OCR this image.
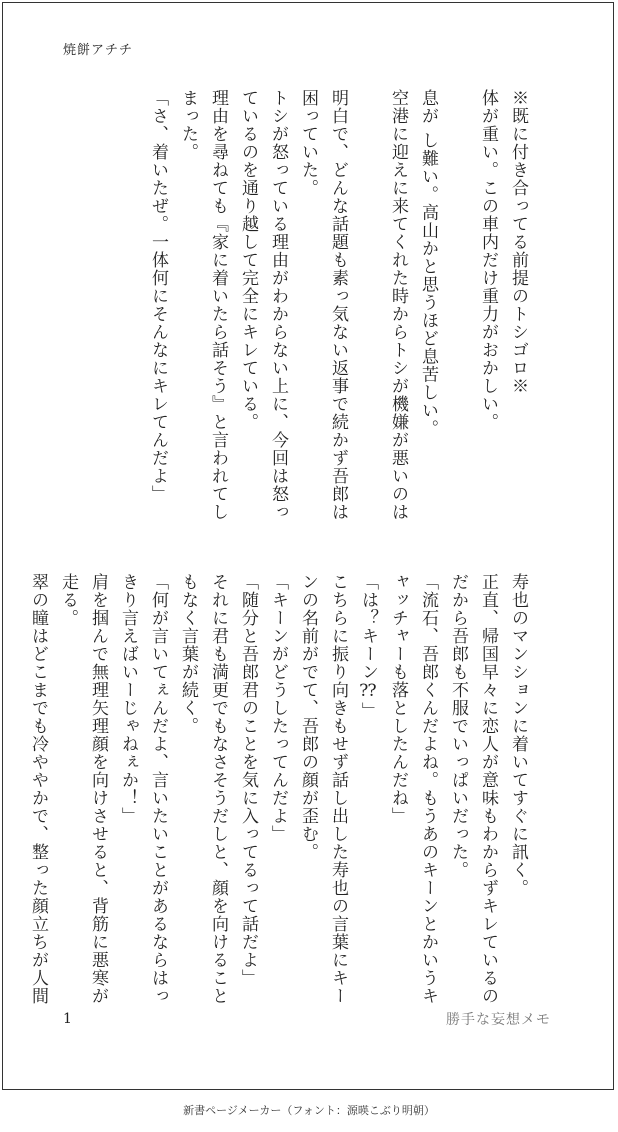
焼餅アチチ

※既に付き合ってる前提のトシゴロ※

体が重い。この車内だけ重力がおかしい。

息が し難い。高山かと思うほど息苦しい。

空港に迎えに来てくれた時からトシが機嫌が悪いのは

明白で、どんな話題も素っ気ない返事で続かず吾郎は

困っていた。

トシが怒っている理由がわからない上に、今回は怒っ

ているのを通り越して完全にキレている。

理由を尋ねても『家に着いたら話そう』と言われてし

まった。

「さ、着いたぜ。一体何にそんなにキレてんだよ」

寿也のマンションに着いてすぐに訊く。

正直、帰国早々に恋人が意味もわからずキレているの

だから吾郎も不服でいっぱいだった。

「流石、吾郎くんだよね。もうあのキーンとかいうキ

ャッチャーも落としたんだね」

「は？キーン⁇」

こちらに振り向きもせず話し出した寿也の言葉にキー

ンの名前がでて、吾郎の顔が歪む。

「キーンがどうしたってんだよ」

「随分と吾郎君のことを気に入ってるって話だよ」

それに君も満更でもなさそうだしと、顔を向けること

もなく言葉が続く。

「何が言いてぇんだよ、言いたいことがあるならはっ

きり言えばいーじゃねぇか！」

肩を掴んで無理矢理顔を向けさせると、背筋に悪寒が

走る。

翠の瞳はどこまでも冷ややかで、整った顔立ちが人間

1	勝手な妄想メモ
新書ページメーカー（フォント：源暎こぶり明朝）
